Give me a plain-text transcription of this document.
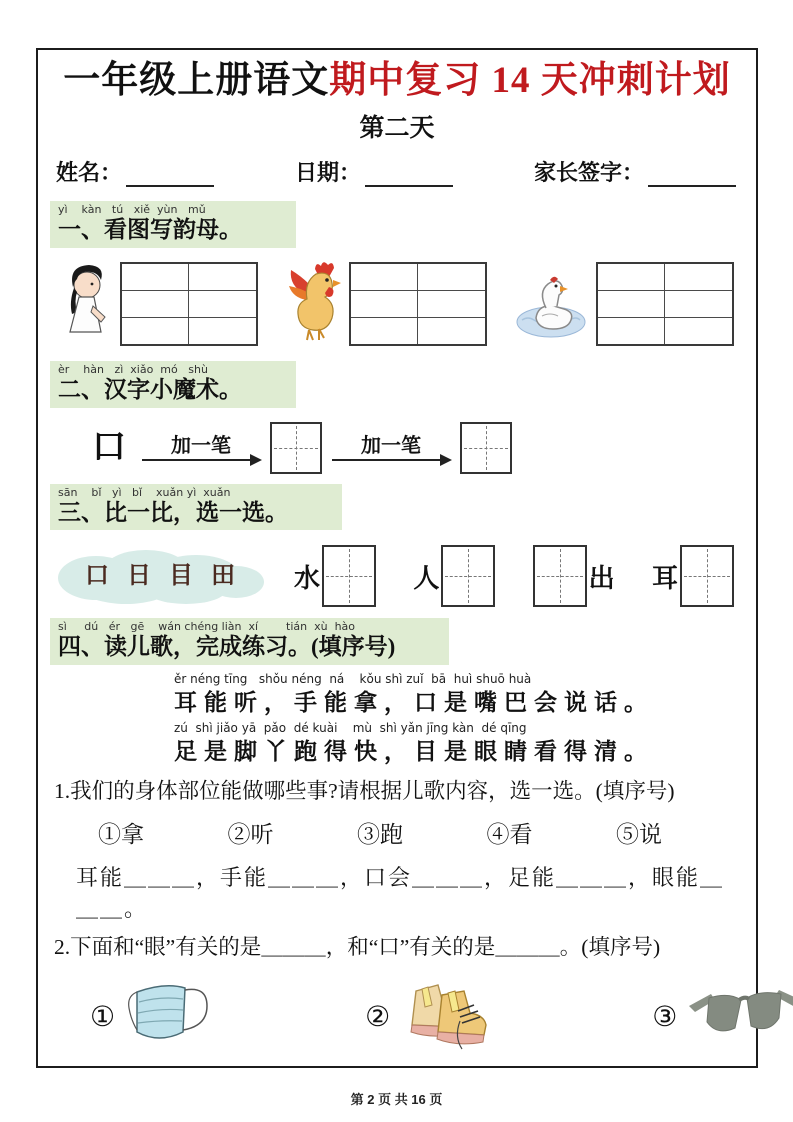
一年级上册语文期中复习 14 天冲刺计划
第二天
姓名：	日期：	家长签字：
yì    kàn   tú   xiě  yùn   mǔ
一、看图写韵母。
èr    hàn   zì  xiǎo  mó   shù
二、汉字小魔术。
口 加一笔	加一笔
sān    bǐ   yì   bǐ    xuǎn yì  xuǎn
三、比一比，选一选。
口  日  目  田	水	人	出 耳
sì     dú   ér   gē    wán chéng liàn  xí        tián  xù  hào
四、读儿歌，完成练习。(填序号)
ěr néng tīng   shǒu néng  ná    kǒu shì zuǐ  bā  huì shuō huà
耳能听，手能拿，口是嘴巴会说话。
zú  shì jiǎo yā  pǎo  dé kuài    mù  shì yǎn jīng kàn  dé qīng
足是脚丫跑得快，目是眼睛看得清。
1.我们的身体部位能做哪些事?请根据儿歌内容，选一选。(填序号)
①拿	②听	③跑	④看	⑤说
耳能＿＿＿，手能＿＿＿，口会＿＿＿，足能＿＿＿，眼能＿＿＿。
2.下面和“眼”有关的是＿＿＿，和“口”有关的是＿＿＿。(填序号)
①	②	③
第 2 页 共 16 页
